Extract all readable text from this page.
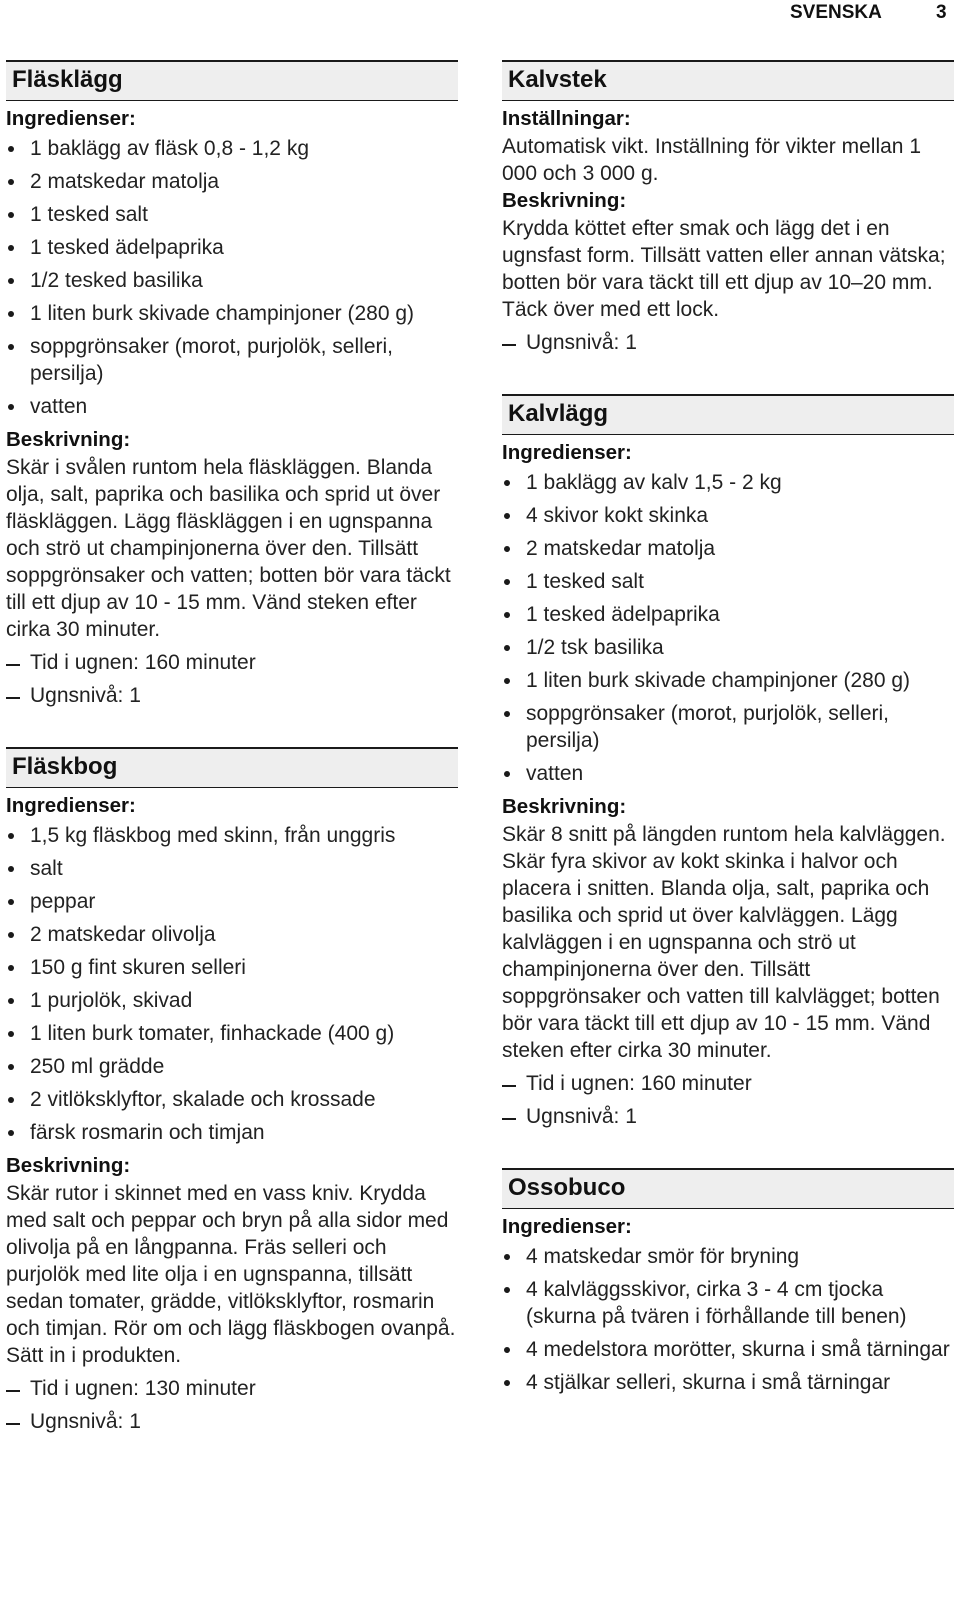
SVENSKA	3
Fläsklägg
Ingredienser:
1 baklägg av fläsk 0,8 - 1,2 kg
2 matskedar matolja
1 tesked salt
1 tesked ädelpaprika
1/2 tesked basilika
1 liten burk skivade champinjoner (280 g)
soppgrönsaker (morot, purjolök, selleri, persilja)
vatten
Beskrivning:
Skär i svålen runtom hela fläskläggen. Blanda olja, salt, paprika och basilika och sprid ut över fläskläggen. Lägg fläskläggen i en ugnspanna och strö ut champinjonerna över den. Tillsätt soppgrönsaker och vatten; botten bör vara täckt till ett djup av 10 - 15 mm. Vänd steken efter cirka 30 minuter.
Tid i ugnen: 160 minuter
Ugnsnivå: 1
Fläskbog
Ingredienser:
1,5 kg fläskbog med skinn, från unggris
salt
peppar
2 matskedar olivolja
150 g fint skuren selleri
1 purjolök, skivad
1 liten burk tomater, finhackade (400 g)
250 ml grädde
2 vitlöksklyftor, skalade och krossade
färsk rosmarin och timjan
Beskrivning:
Skär rutor i skinnet med en vass kniv. Krydda med salt och peppar och bryn på alla sidor med olivolja på en långpanna. Fräs selleri och purjolök med lite olja i en ugnspanna, tillsätt sedan tomater, grädde, vitlöksklyftor, rosmarin och timjan. Rör om och lägg fläskbogen ovanpå. Sätt in i produkten.
Tid i ugnen: 130 minuter
Ugnsnivå: 1
Kalvstek
Inställningar:
Automatisk vikt. Inställning för vikter mellan 1 000 och 3 000 g.
Beskrivning:
Krydda köttet efter smak och lägg det i en ugnsfast form. Tillsätt vatten eller annan vätska; botten bör vara täckt till ett djup av 10–20 mm. Täck över med ett lock.
Ugnsnivå: 1
Kalvlägg
Ingredienser:
1 baklägg av kalv 1,5 - 2 kg
4 skivor kokt skinka
2 matskedar matolja
1 tesked salt
1 tesked ädelpaprika
1/2 tsk basilika
1 liten burk skivade champinjoner (280 g)
soppgrönsaker (morot, purjolök, selleri, persilja)
vatten
Beskrivning:
Skär 8 snitt på längden runtom hela kalvläggen. Skär fyra skivor av kokt skinka i halvor och placera i snitten. Blanda olja, salt, paprika och basilika och sprid ut över kalvläggen. Lägg kalvläggen i en ugnspanna och strö ut champinjonerna över den. Tillsätt soppgrönsaker och vatten till kalvlägget; botten bör vara täckt till ett djup av 10 - 15 mm. Vänd steken efter cirka 30 minuter.
Tid i ugnen: 160 minuter
Ugnsnivå: 1
Ossobuco
Ingredienser:
4 matskedar smör för bryning
4 kalvläggsskivor, cirka 3 - 4 cm tjocka (skurna på tvären i förhållande till benen)
4 medelstora morötter, skurna i små tärningar
4 stjälkar selleri, skurna i små tärningar
